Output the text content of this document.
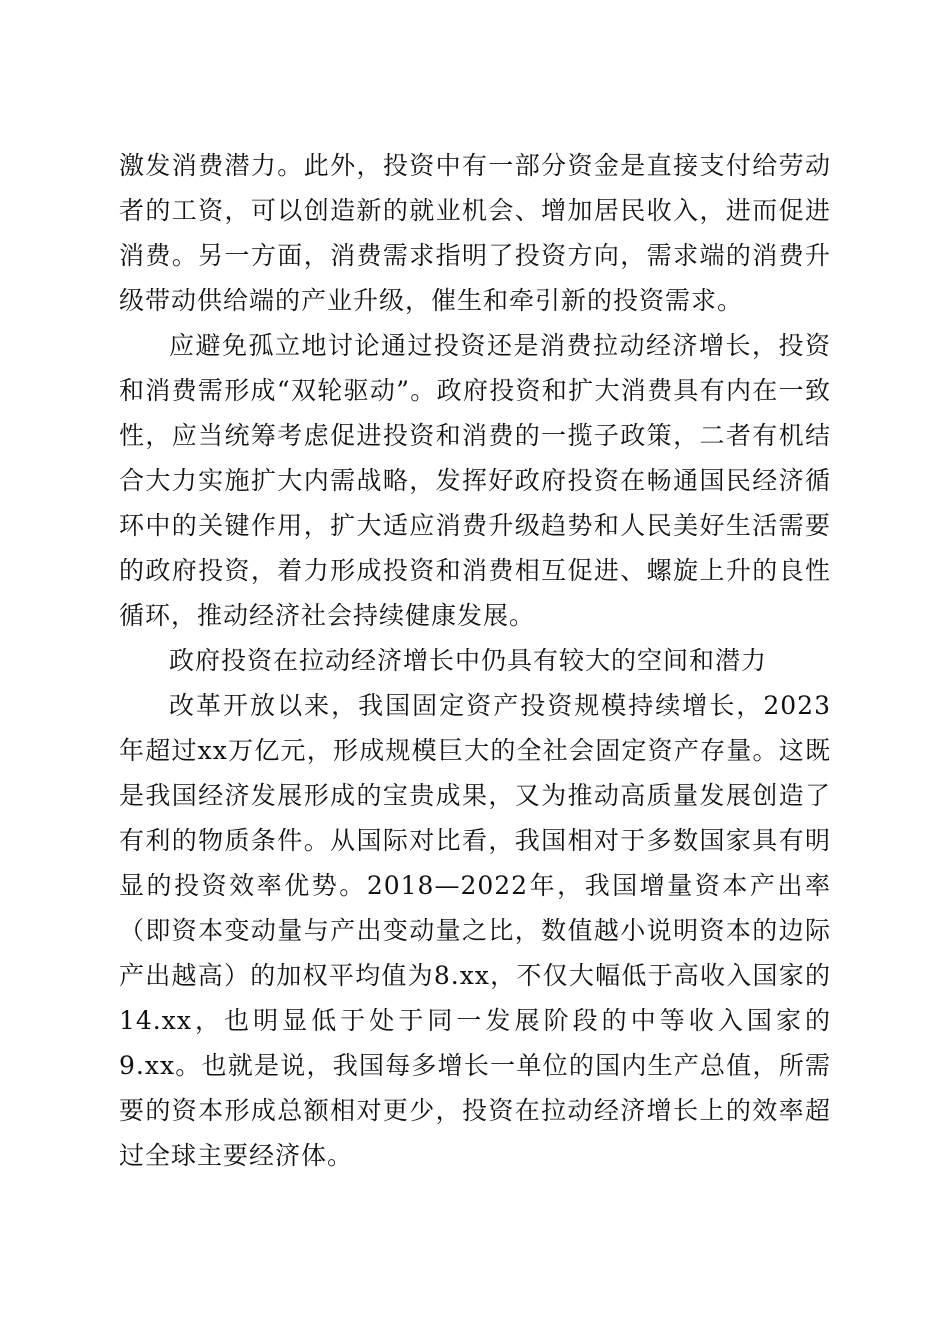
激发消费潜力。此外，投资中有一部分资金是直接支付给劳动者的工资，可以创造新的就业机会、增加居民收入，进而促进消费。另一方面，消费需求指明了投资方向，需求端的消费升级带动供给端的产业升级，催生和牵引新的投资需求。

应避免孤立地讨论通过投资还是消费拉动经济增长，投资和消费需形成“双轮驱动”。政府投资和扩大消费具有内在一致性，应当统筹考虑促进投资和消费的一揽子政策，二者有机结合大力实施扩大内需战略，发挥好政府投资在畅通国民经济循环中的关键作用，扩大适应消费升级趋势和人民美好生活需要的政府投资，着力形成投资和消费相互促进、螺旋上升的良性循环，推动经济社会持续健康发展。

政府投资在拉动经济增长中仍具有较大的空间和潜力

改革开放以来，我国固定资产投资规模持续增长，2023年超过xx万亿元，形成规模巨大的全社会固定资产存量。这既是我国经济发展形成的宝贵成果，又为推动高质量发展创造了有利的物质条件。从国际对比看，我国相对于多数国家具有明显的投资效率优势。2018—2022年，我国增量资本产出率（即资本变动量与产出变动量之比，数值越小说明资本的边际产出越高）的加权平均值为8.xx，不仅大幅低于高收入国家的14.xx，也明显低于处于同一发展阶段的中等收入国家的9.xx。也就是说，我国每多增长一单位的国内生产总值，所需要的资本形成总额相对更少，投资在拉动经济增长上的效率超过全球主要经济体。
